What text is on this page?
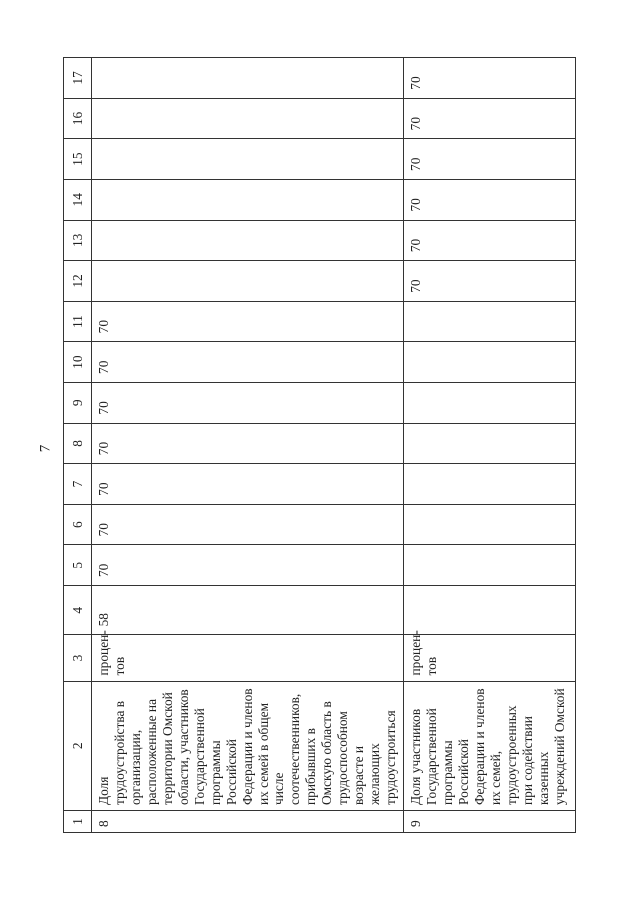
7
1	2	3	4	5	6	7	8	9	10	11	12	13	14	15	16	17
8	Доля трудоустройства в организации, расположенные на территории Омской области, участников Государственной программы Российской Федерации и членов их семей в общем числе соотечественников, прибывших в Омскую область в трудоспособном возрасте и желающих трудоустроиться	процен-тов	58	70	70	70	70	70	70	70						
9	Доля участников Государственной программы Российской Федерации и членов их семей, трудоустроенных при содействии казенных учреждений Омской	процен-тов									70	70	70	70	70	70
